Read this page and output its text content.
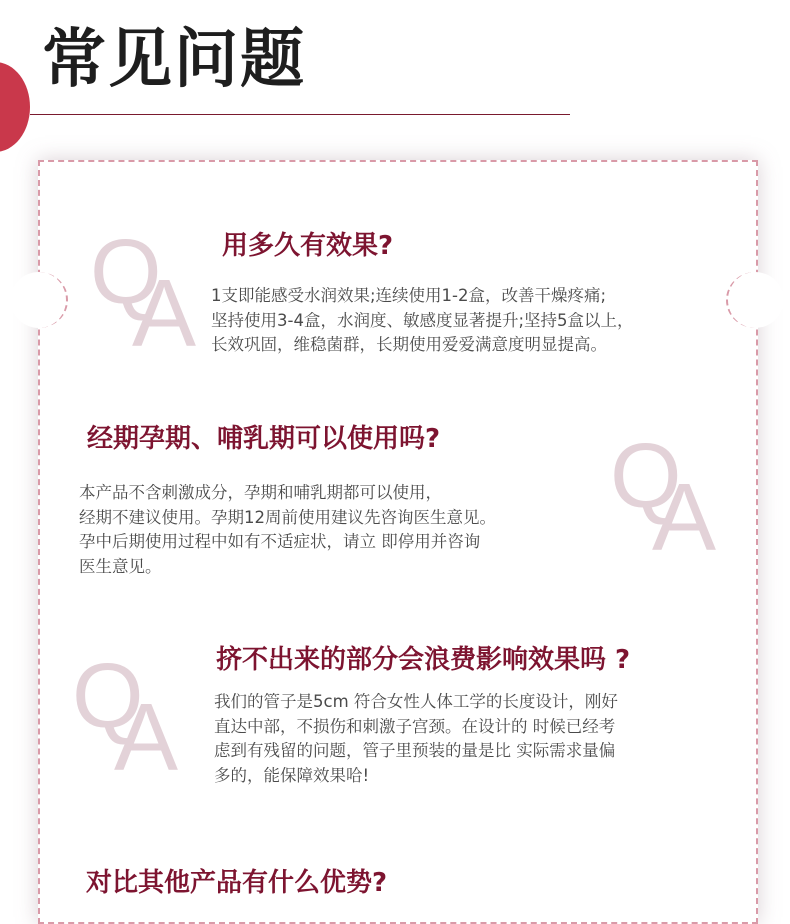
常见问题
Q
A
Q
A
Q
A
用多久有效果?

1支即能感受水润效果;连续使用1-2盒，改善干燥疼痛;
坚持使用3-4盒，水润度、敏感度显著提升;坚持5盒以上，
长效巩固，维稳菌群，长期使用爱爱满意度明显提高。

经期孕期、哺乳期可以使用吗?

本产品不含刺激成分，孕期和哺乳期都可以使用，
经期不建议使用。孕期12周前使用建议先咨询医生意见。
孕中后期使用过程中如有不适症状，请立 即停用并咨询
医生意见。

挤不出来的部分会浪费影响效果吗 ?

我们的管子是5cm 符合女性人体工学的长度设计，刚好
直达中部，不损伤和刺激子宫颈。在设计的 时候已经考
虑到有残留的问题，管子里预装的量是比 实际需求量偏
多的，能保障效果哈!

对比其他产品有什么优势?
